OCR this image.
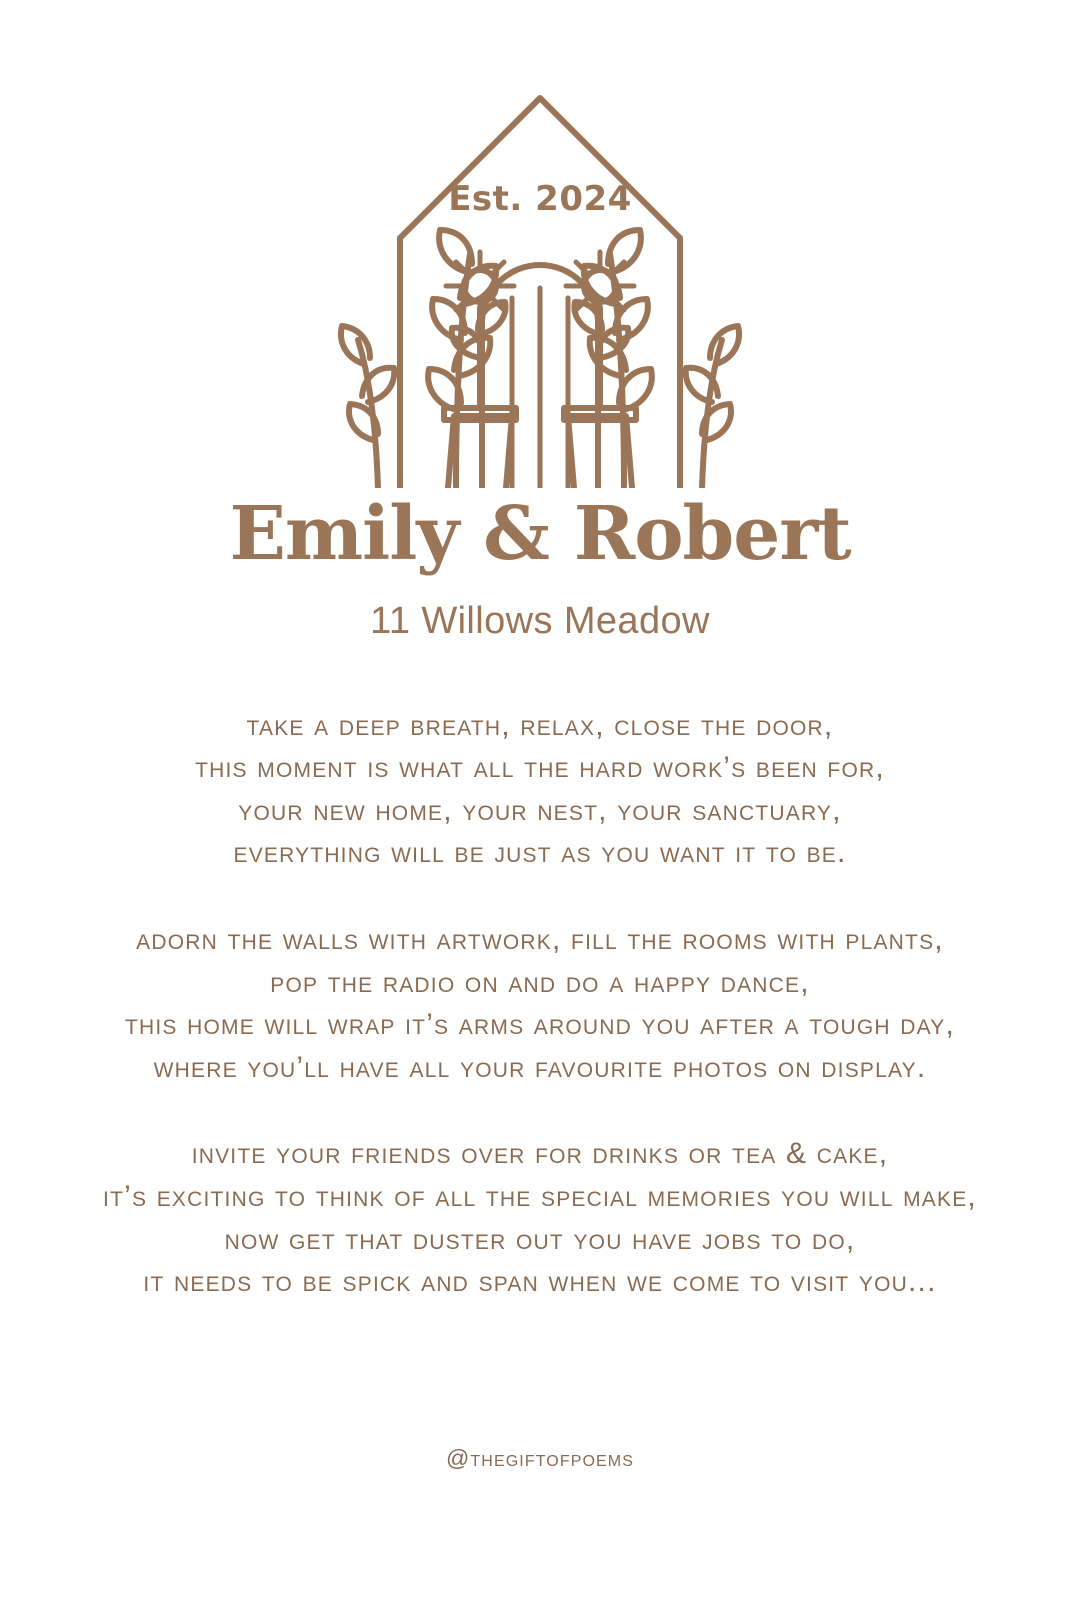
Est. 2024
Emily & Robert
11 Willows Meadow
take a deep breath, relax, close the door,
this moment is what all the hard work’s been for,
your new home, your nest, your sanctuary,
everything will be just as you want it to be.
adorn the walls with artwork, fill the rooms with plants,
pop the radio on and do a happy dance,
this home will wrap it’s arms around you after a tough day,
where you’ll have all your favourite photos on display.
invite your friends over for drinks or tea & cake,
it’s exciting to think of all the special memories you will make,
now get that duster out you have jobs to do,
it needs to be spick and span when we come to visit you...
@thegiftofpoems
